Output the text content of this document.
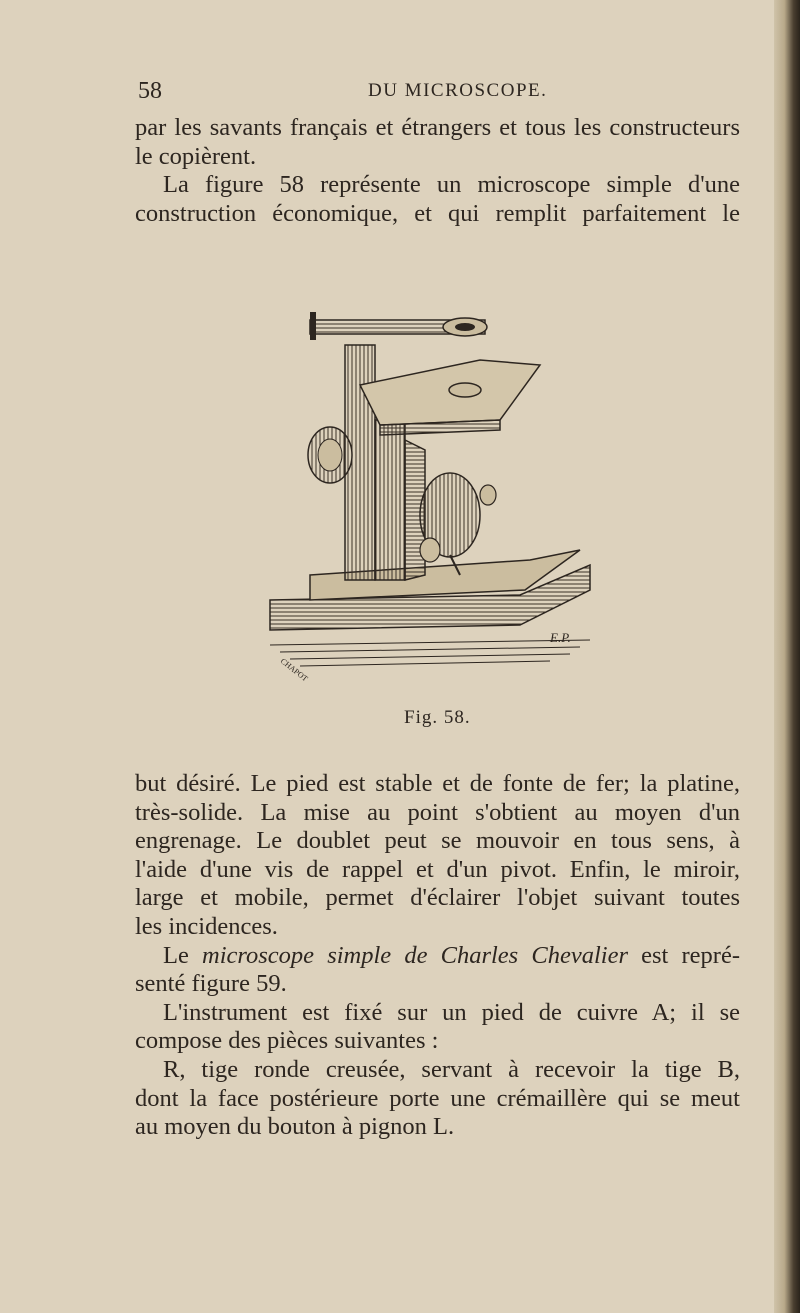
58	DU MICROSCOPE.
par les savants français et étrangers et tous les constructeurs
le copièrent.
La figure 58 représente un microscope simple d'une
construction économique, et qui remplit parfaitement le
E.P.
CHAPOT
Fig. 58.
but désiré. Le pied est stable et de fonte de fer; la platine,
très-solide. La mise au point s'obtient au moyen d'un
engrenage. Le doublet peut se mouvoir en tous sens, à
l'aide d'une vis de rappel et d'un pivot. Enfin, le miroir,
large et mobile, permet d'éclairer l'objet suivant toutes
les incidences.
Le microscope simple de Charles Chevalier est repré-
senté figure 59.
L'instrument est fixé sur un pied de cuivre A; il se
compose des pièces suivantes :
R, tige ronde creusée, servant à recevoir la tige B,
dont la face postérieure porte une crémaillère qui se meut
au moyen du bouton à pignon L.
